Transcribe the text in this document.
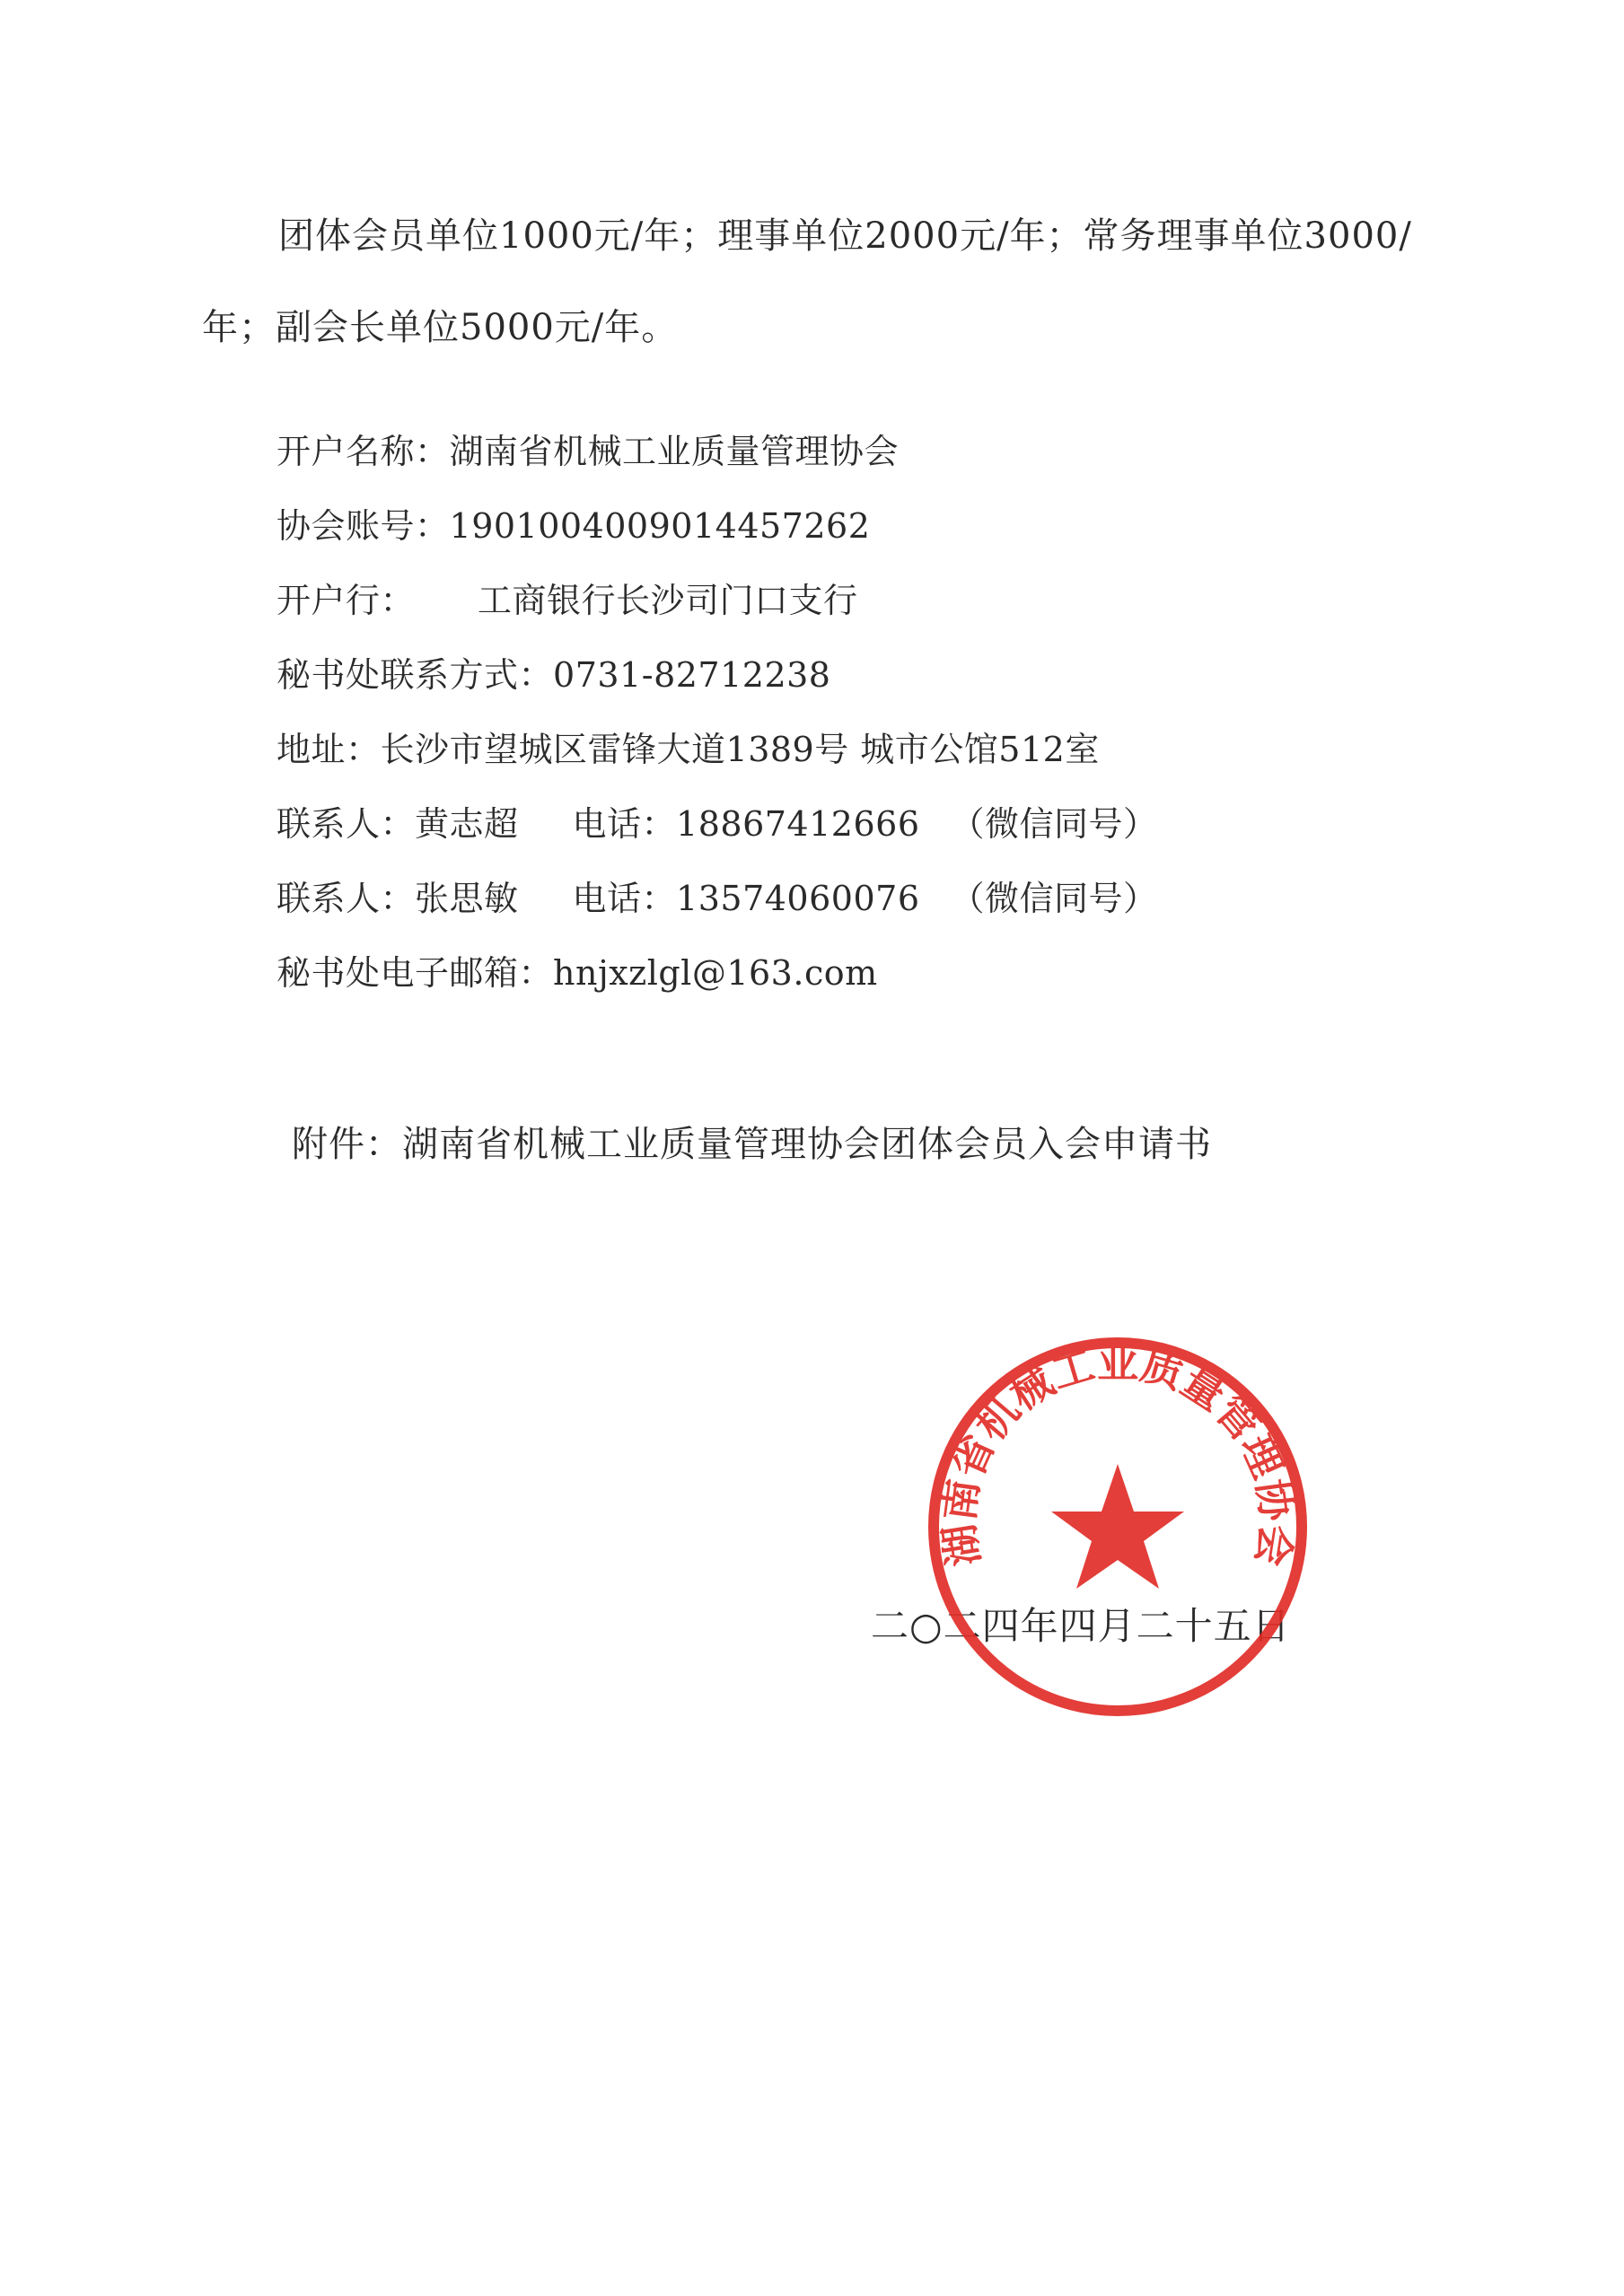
团体会员单位1000元/年；理事单位2000元/年；常务理事单位3000/
年；副会长单位5000元/年。
开户名称：湖南省机械工业质量管理协会
协会账号：1901004009014457262
开户行： 工商银行长沙司门口支行
秘书处联系方式：0731-82712238
地址：长沙市望城区雷锋大道1389号 城市公馆512室
联系人：黄志超 电话：18867412666 （微信同号）
联系人：张思敏 电话：13574060076 （微信同号）
秘书处电子邮箱：hnjxzlgl@163.com
附件：湖南省机械工业质量管理协会团体会员入会申请书
二○二四年四月二十五日
湖南省机械工业质量管理协会
